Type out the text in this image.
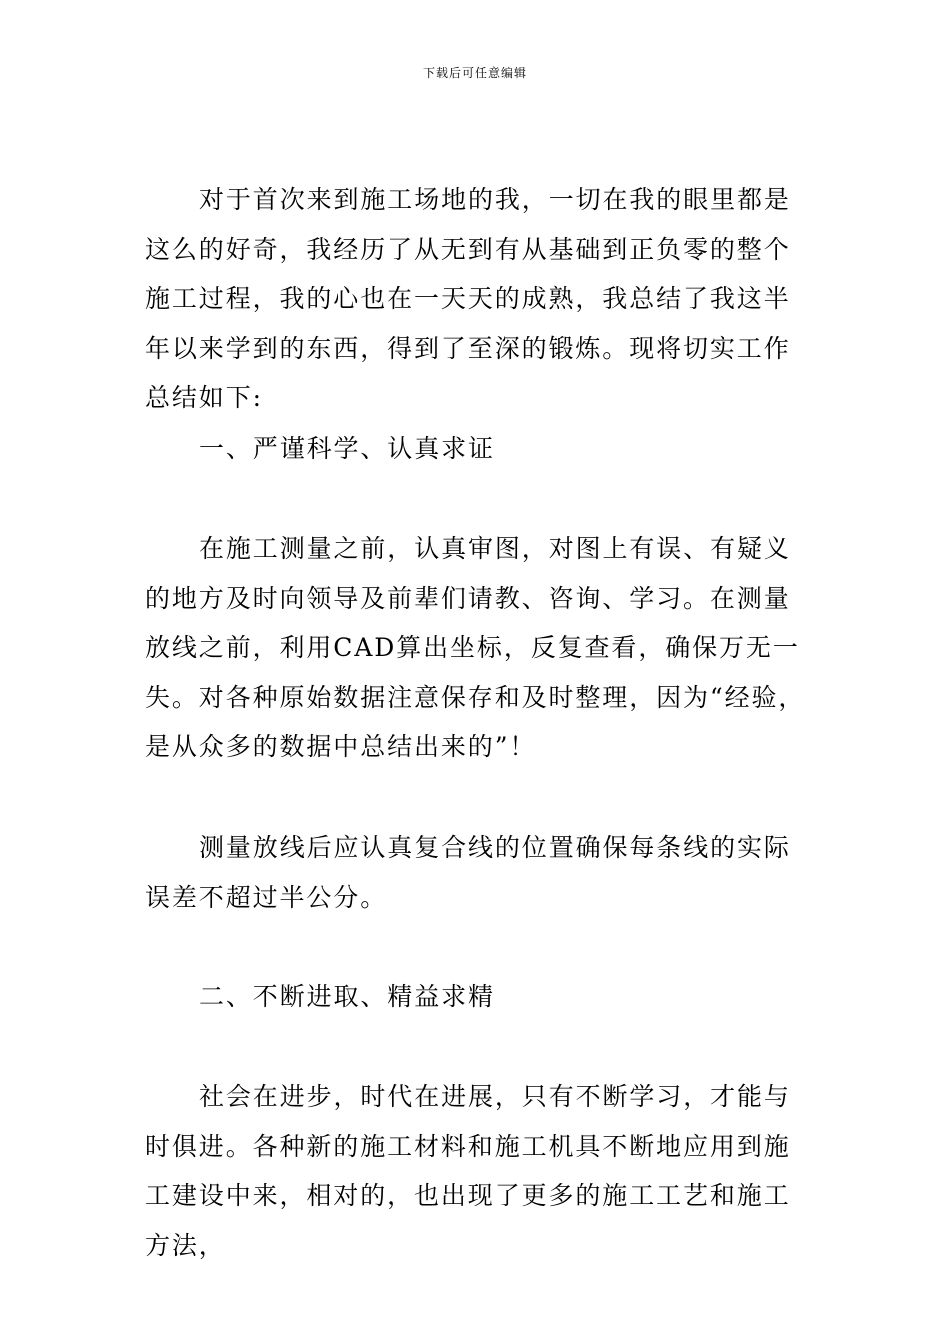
下载后可任意编辑

对于首次来到施工场地的我，一切在我的眼里都是这么的好奇，我经历了从无到有从基础到正负零的整个施工过程，我的心也在一天天的成熟，我总结了我这半年以来学到的东西，得到了至深的锻炼。现将切实工作总结如下:

一、严谨科学、认真求证

在施工测量之前，认真审图，对图上有误、有疑义的地方及时向领导及前辈们请教、咨询、学习。在测量放线之前，利用CAD算出坐标，反复查看，确保万无一失。对各种原始数据注意保存和及时整理，因为“经验，是从众多的数据中总结出来的”！

测量放线后应认真复合线的位置确保每条线的实际误差不超过半公分。

二、不断进取、精益求精

社会在进步，时代在进展，只有不断学习，才能与时俱进。各种新的施工材料和施工机具不断地应用到施工建设中来，相对的，也出现了更多的施工工艺和施工方法，
